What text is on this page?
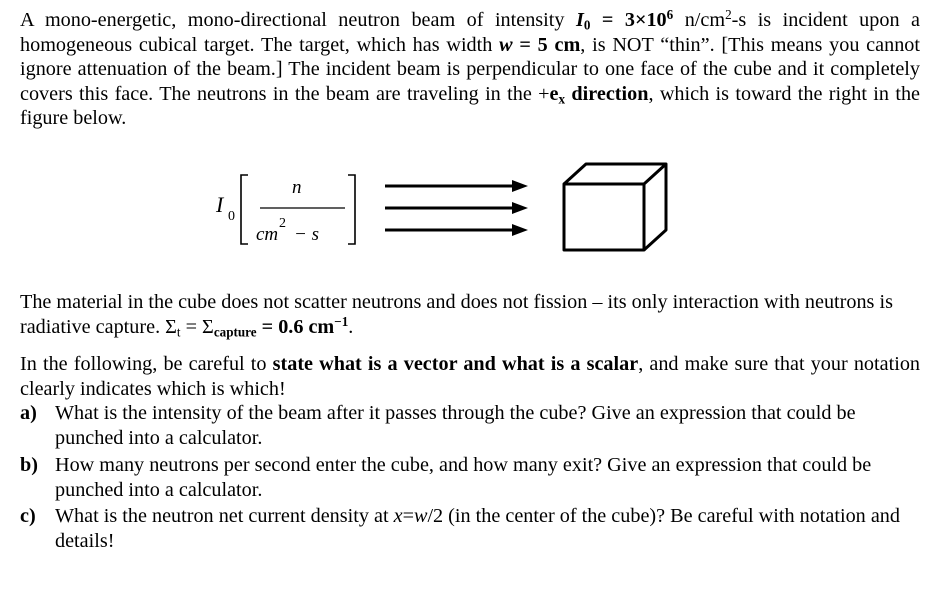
A mono-energetic, mono-directional neutron beam of intensity $I_0 = 3\times 10^6$ $n/cm^2-s$ is incident upon a homogeneous cubical target. The target, which has width w = 5 cm, is NOT “thin”. [This means you cannot ignore attenuation of the beam.] The incident beam is perpendicular to one face of the cube and it completely covers this face. The neutrons in the beam are traveling in the $+e_x$ direction, which is toward the right in the figure below.
I 0
n
cm
2
− s
The material in the cube does not scatter neutrons and does not fission – its only interaction with neutrons is radiative capture. $\Sigma_t = \Sigma_{capture} = 0.6$ $cm^{-1}$.
In the following, be careful to state what is a vector and what is a scalar, and make sure that your notation clearly indicates which is which!
a) What is the intensity of the beam after it passes through the cube? Give an expression that could be punched into a calculator.
b) How many neutrons per second enter the cube, and how many exit? Give an expression that could be punched into a calculator.
c) What is the neutron net current density at x=w/2 (in the center of the cube)? Be careful with notation and details!
